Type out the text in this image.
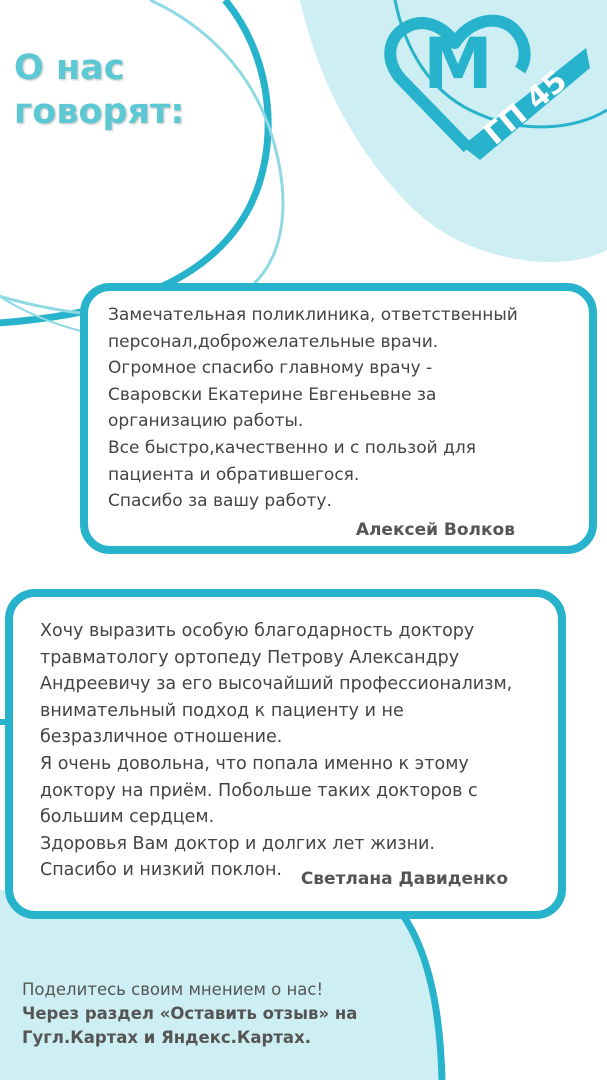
М
ГП 45
О нас
говорят:

Замечательная поликлиника, ответственный
персонал,доброжелательные врачи.
Огромное спасибо главному врачу -
Сваровски Екатерине Евгеньевне за
организацию работы.
Все быстро,качественно и с пользой для
пациента и обратившегося.
Спасибо за вашу работу.

Алексей Волков

Хочу выразить особую благодарность доктору
травматологу ортопеду Петрову Александру
Андреевичу за его высочайший профессионализм,
внимательный подход к пациенту и не
безразличное отношение.
Я очень довольна, что попала именно к этому
доктору на приём. Побольше таких докторов с
большим сердцем.
Здоровья Вам доктор и долгих лет жизни.
Спасибо и низкий поклон.	Светлана Давиденко

Поделитесь своим мнением о нас!

Через раздел «Оставить отзыв» на

Гугл.Картах и Яндекс.Картах.
